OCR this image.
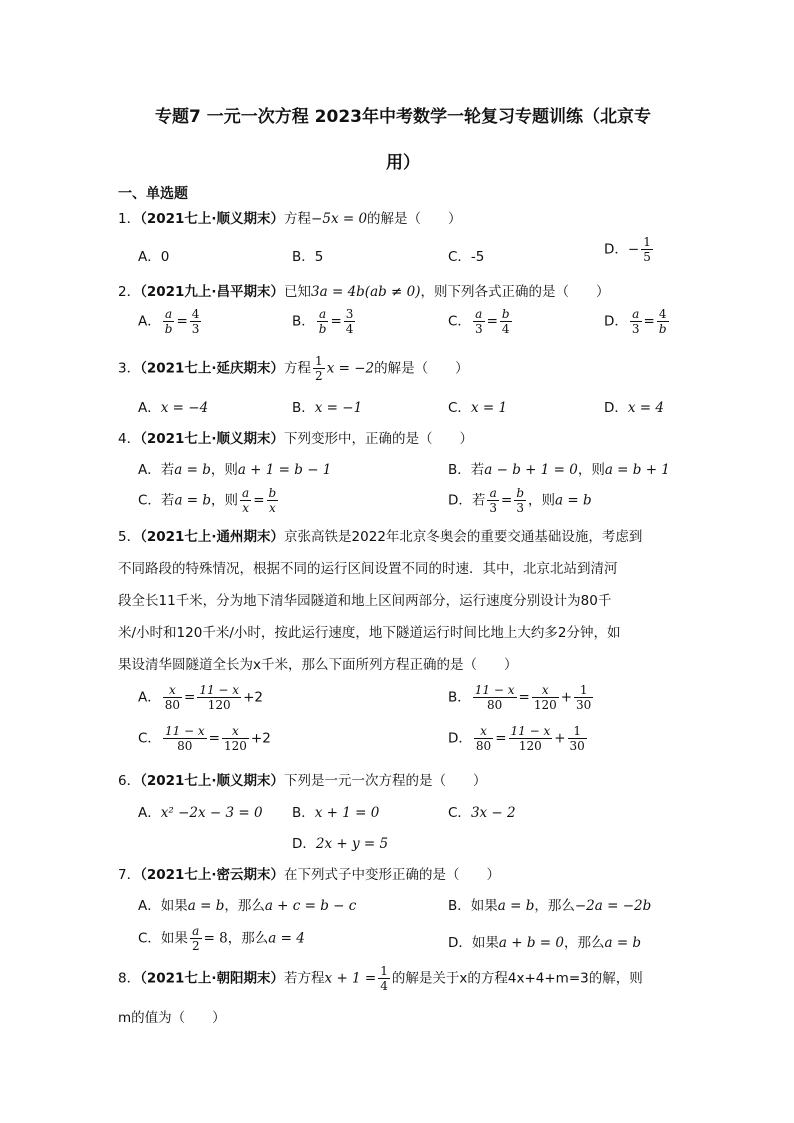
专题7 一元一次方程 2023年中考数学一轮复习专题训练（北京专
用）
一、单选题
1．（2021七上·顺义期末）方程−5x = 0的解是（　　）
A．0	B．5	C．-5	D．− $\frac{1}{5}$
2．（2021九上·昌平期末）已知3a = 4b(ab ≠ 0)，则下列各式正确的是（　　）
A． $\frac{a}{b} = \frac{4}{3}$	B． $\frac{a}{b} = \frac{3}{4}$	C． $\frac{a}{3} = \frac{b}{4}$	D． $\frac{a}{3} = \frac{4}{b}$
3．（2021七上·延庆期末）方程 $\frac{1}{2}$ x = −2的解是（　　）
A．x = −4	B．x = −1	C．x = 1	D．x = 4
4．（2021七上·顺义期末）下列变形中，正确的是（　　）
A．若a = b，则a + 1 = b − 1	B．若a − b + 1 = 0，则a = b + 1
C．若a = b，则 $\frac{a}{x} = \frac{b}{x}$	D．若 $\frac{a}{3} = \frac{b}{3}$ ，则a = b
5．（2021七上·通州期末）京张高铁是2022年北京冬奥会的重要交通基础设施，考虑到
不同路段的特殊情况，根据不同的运行区间设置不同的时速．其中，北京北站到清河
段全长11千米，分为地下清华园隧道和地上区间两部分，运行速度分别设计为80千
米/小时和120千米/小时，按此运行速度，地下隧道运行时间比地上大约多2分钟，如
果设清华圆隧道全长为x千米，那么下面所列方程正确的是（　　）
A． $\frac{x}{80} = \frac{11 - x}{120} +2$	B． $\frac{11 - x}{80} = \frac{x}{120} + \frac{1}{30}$
C． $\frac{11 - x}{80} = \frac{x}{120} +2$	D． $\frac{x}{80} = \frac{11 - x}{120} + \frac{1}{30}$
6．（2021七上·顺义期末）下列是一元一次方程的是（　　）
A．x² −2x − 3 = 0 B．x + 1 = 0	C．3x − 2
D．2x + y = 5
7．（2021七上·密云期末）在下列式子中变形正确的是（　　）
A．如果a = b，那么a + c = b − c	B．如果a = b，那么−2a = −2b
C．如果 $\frac{a}{2} = 8$，那么a = 4	D．如果a + b = 0，那么a = b
8．（2021七上·朝阳期末）若方程$x + 1 = \frac{1}{4}$ 的解是关于x的方程4x+4+m=3的解，则
m的值为（　　）
